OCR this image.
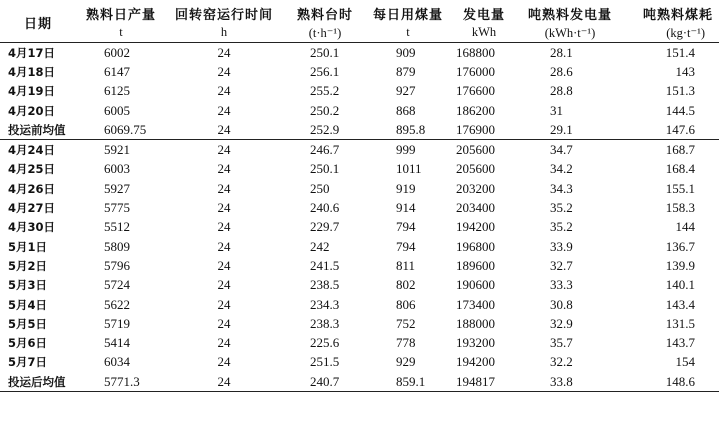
日期	熟料日产量	回转窑运行时间	熟料台时	每日用煤量	发电量	吨熟料发电量	吨熟料煤耗
	t	h	(t·h⁻¹)	t	kWh	(kWh·t⁻¹)	(kg·t⁻¹)
4月17日	6002	24	250.1	909	168800	28.1	151.4
4月18日	6147	24	256.1	879	176000	28.6	143
4月19日	6125	24	255.2	927	176600	28.8	151.3
4月20日	6005	24	250.2	868	186200	31	144.5
投运前均值	6069.75	24	252.9	895.8	176900	29.1	147.6
4月24日	5921	24	246.7	999	205600	34.7	168.7
4月25日	6003	24	250.1	1011	205600	34.2	168.4
4月26日	5927	24	250	919	203200	34.3	155.1
4月27日	5775	24	240.6	914	203400	35.2	158.3
4月30日	5512	24	229.7	794	194200	35.2	144
5月1日	5809	24	242	794	196800	33.9	136.7
5月2日	5796	24	241.5	811	189600	32.7	139.9
5月3日	5724	24	238.5	802	190600	33.3	140.1
5月4日	5622	24	234.3	806	173400	30.8	143.4
5月5日	5719	24	238.3	752	188000	32.9	131.5
5月6日	5414	24	225.6	778	193200	35.7	143.7
5月7日	6034	24	251.5	929	194200	32.2	154
投运后均值	5771.3	24	240.7	859.1	194817	33.8	148.6
